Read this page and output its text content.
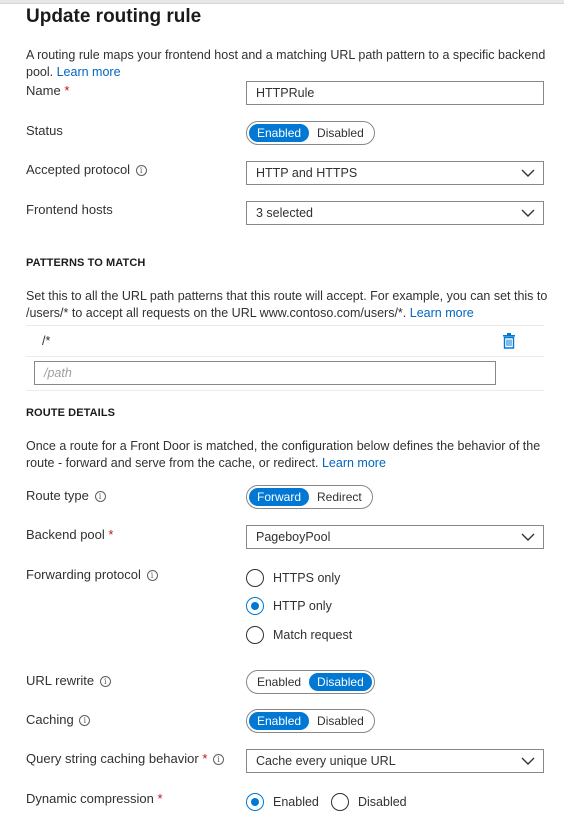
Update routing rule
A routing rule maps your frontend host and a matching URL path pattern to a specific backend pool. Learn more
Name *	HTTPRule
Status	Enabled	Disabled
Accepted protocol i	HTTP and HTTPS
Frontend hosts	3 selected
PATTERNS TO MATCH
Set this to all the URL path patterns that this route will accept. For example, you can set this to /users/* to accept all requests on the URL www.contoso.com/users/*. Learn more
/*
/path
ROUTE DETAILS
Once a route for a Front Door is matched, the configuration below defines the behavior of the route - forward and serve from the cache, or redirect. Learn more
Route type i	Forward	Redirect
Backend pool *	PageboyPool
Forwarding protocol i	HTTPS only
HTTP only
Match request
URL rewrite i	Enabled	Disabled
Caching i	Enabled	Disabled
Query string caching behavior * i	Cache every unique URL
Dynamic compression *	Enabled	Disabled
